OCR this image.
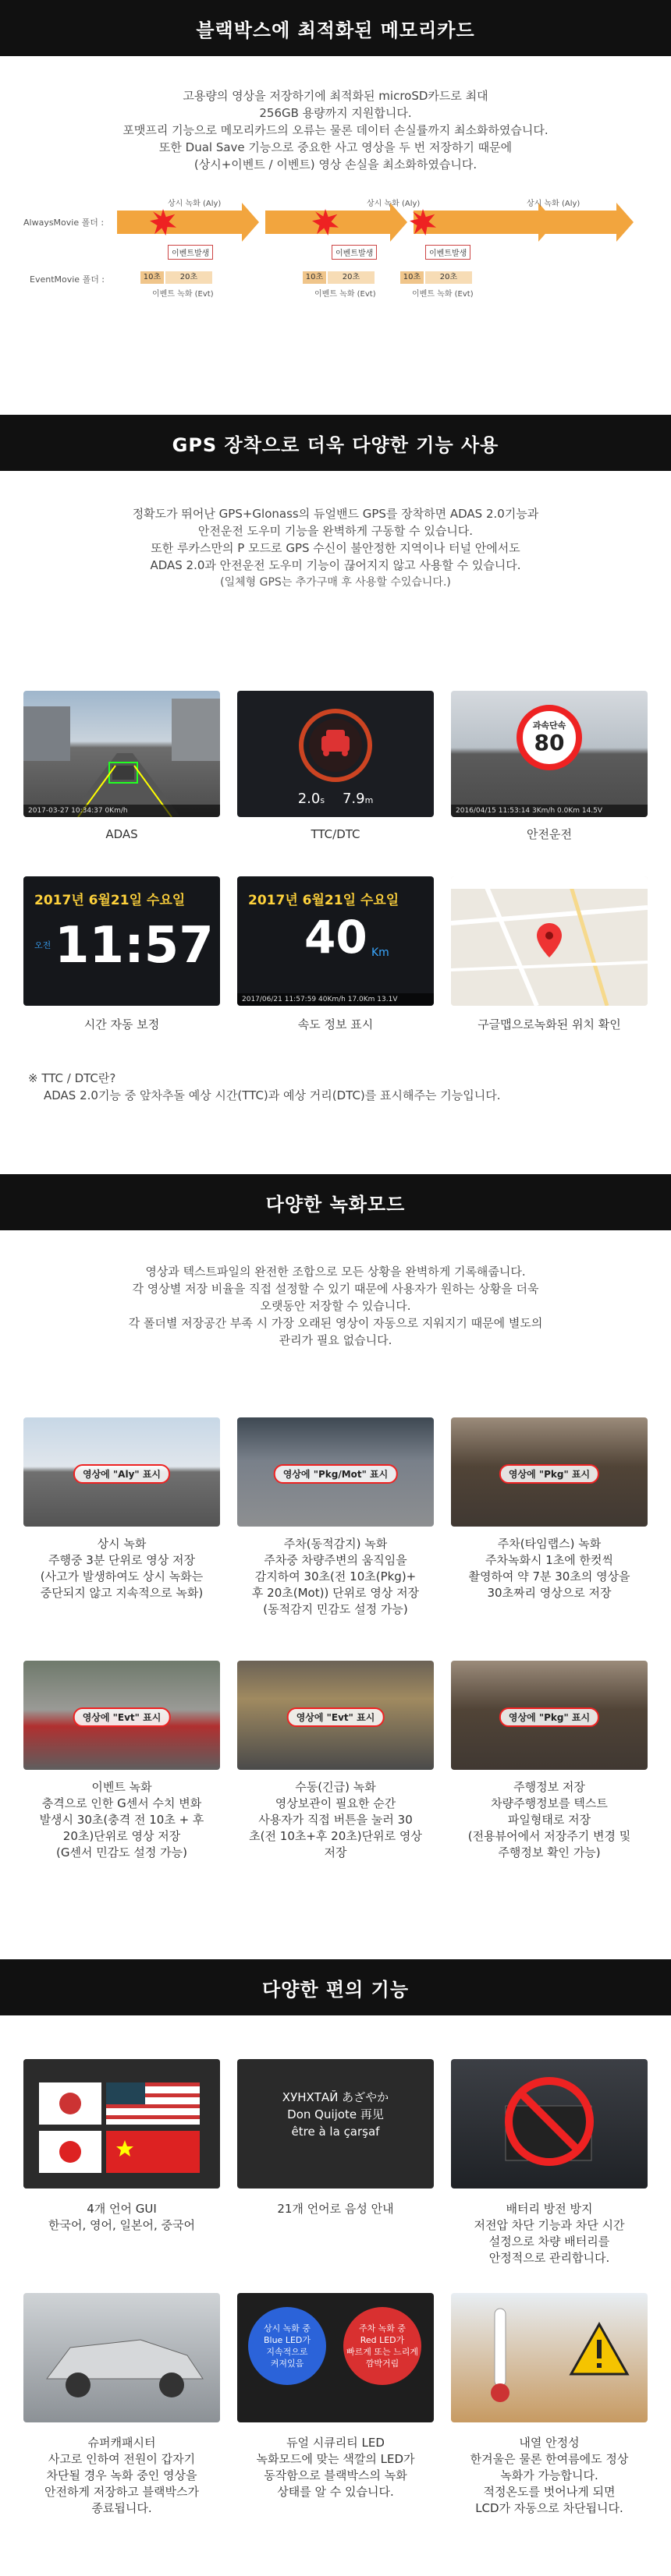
블랙박스에 최적화된 메모리카드
고용량의 영상을 저장하기에 최적화된 microSD카드로 최대
256GB 용량까지 지원합니다.
포맷프리 기능으로 메모리카드의 오류는 물론 데이터 손실률까지 최소화하였습니다.
또한 Dual Save 기능으로 중요한 사고 영상을 두 번 저장하기 때문에
(상시+이벤트 / 이벤트) 영상 손실을 최소화하였습니다.
AlwaysMovie 폴더 :
EventMovie 폴더 :
상시 녹화 (Aly)	상시 녹화 (Aly)	상시 녹화 (Aly)
이벤트발생	이벤트발생	이벤트발생
10초	20초	10초	20초	10초	20초
이벤트 녹화 (Evt)	이벤트 녹화 (Evt)	이벤트 녹화 (Evt)
GPS 장착으로 더욱 다양한 기능 사용
정확도가 뛰어난 GPS+Glonass의 듀얼밴드 GPS를 장착하면 ADAS 2.0기능과
안전운전 도우미 기능을 완벽하게 구동할 수 있습니다.
또한 루카스만의 P 모드로 GPS 수신이 불안정한 지역이나 터널 안에서도
ADAS 2.0과 안전운전 도우미 기능이 끊어지지 않고 사용할 수 있습니다.
(일체형 GPS는 추가구매 후 사용할 수있습니다.)
2017-03-27 10:34:37 0Km/h
2.0s 7.9m
과속단속
80
2016/04/15 11:53:14 3Km/h 0.0Km 14.5V
ADAS	TTC/DTC	안전운전
2017년 6월21일 수요일
오전 11:57
2017년 6월21일 수요일
40 Km
2017/06/21 11:57:59 40Km/h 17.0Km 13.1V
시간 자동 보정	속도 정보 표시	구글맵으로녹화된 위치 확인
※ TTC / DTC란?
ADAS 2.0기능 중 앞차추돌 예상 시간(TTC)과 예상 거리(DTC)를 표시해주는 기능입니다.
다양한 녹화모드
영상과 텍스트파일의 완전한 조합으로 모든 상황을 완벽하게 기록해줍니다.
각 영상별 저장 비율을 직접 설정할 수 있기 때문에 사용자가 원하는 상황을 더욱
오랫동안 저장할 수 있습니다.
각 폴더별 저장공간 부족 시 가장 오래된 영상이 자동으로 지워지기 때문에 별도의
관리가 필요 없습니다.
영상에 "Aly" 표시	영상에 "Pkg/Mot" 표시	영상에 "Pkg" 표시
상시 녹화
주행중 3분 단위로 영상 저장
(사고가 발생하여도 상시 녹화는
중단되지 않고 지속적으로 녹화)
주차(동적감지) 녹화
주차중 차량주변의 움직임을
감지하여 30초(전 10초(Pkg)+
후 20초(Mot)) 단위로 영상 저장
(동적감지 민감도 설정 가능)
주차(타임랩스) 녹화
주차녹화시 1초에 한컷씩
촬영하여 약 7분 30초의 영상을
30초짜리 영상으로 저장
영상에 "Evt" 표시	영상에 "Evt" 표시	영상에 "Pkg" 표시
이벤트 녹화
충격으로 인한 G센서 수치 변화
발생시 30초(충격 전 10초 + 후
20초)단위로 영상 저장
(G센서 민감도 설정 가능)
수동(긴급) 녹화
영상보관이 필요한 순간
사용자가 직접 버튼을 눌러 30
초(전 10초+후 20초)단위로 영상
저장
주행정보 저장
차량주행정보를 텍스트
파일형태로 저장
(전용뷰어에서 저장주기 변경 및
주행정보 확인 가능)
다양한 편의 기능
ХУНХТАЙ あざやか
Don Quijote 再见
être à la çarşaf
4개 언어 GUI
한국어, 영어, 일본어, 중국어
21개 언어로 음성 안내	배터리 방전 방지
저전압 차단 기능과 차단 시간
설정으로 차량 배터리를
안정적으로 관리합니다.
상시 녹화 중
Blue LED가
지속적으로
켜져있음
주차 녹화 중
Red LED가
빠르게 또는 느리게
깜박거림
슈퍼캐패시터
사고로 인하여 전원이 갑자기
차단될 경우 녹화 중인 영상을
안전하게 저장하고 블랙박스가
종료됩니다.
듀얼 시큐리티 LED
녹화모드에 맞는 색깔의 LED가
동작함으로 블랙박스의 녹화
상태를 알 수 있습니다.
내열 안정성
한겨울은 물론 한여름에도 정상
녹화가 가능합니다.
적정온도를 벗어나게 되면
LCD가 자동으로 차단됩니다.
